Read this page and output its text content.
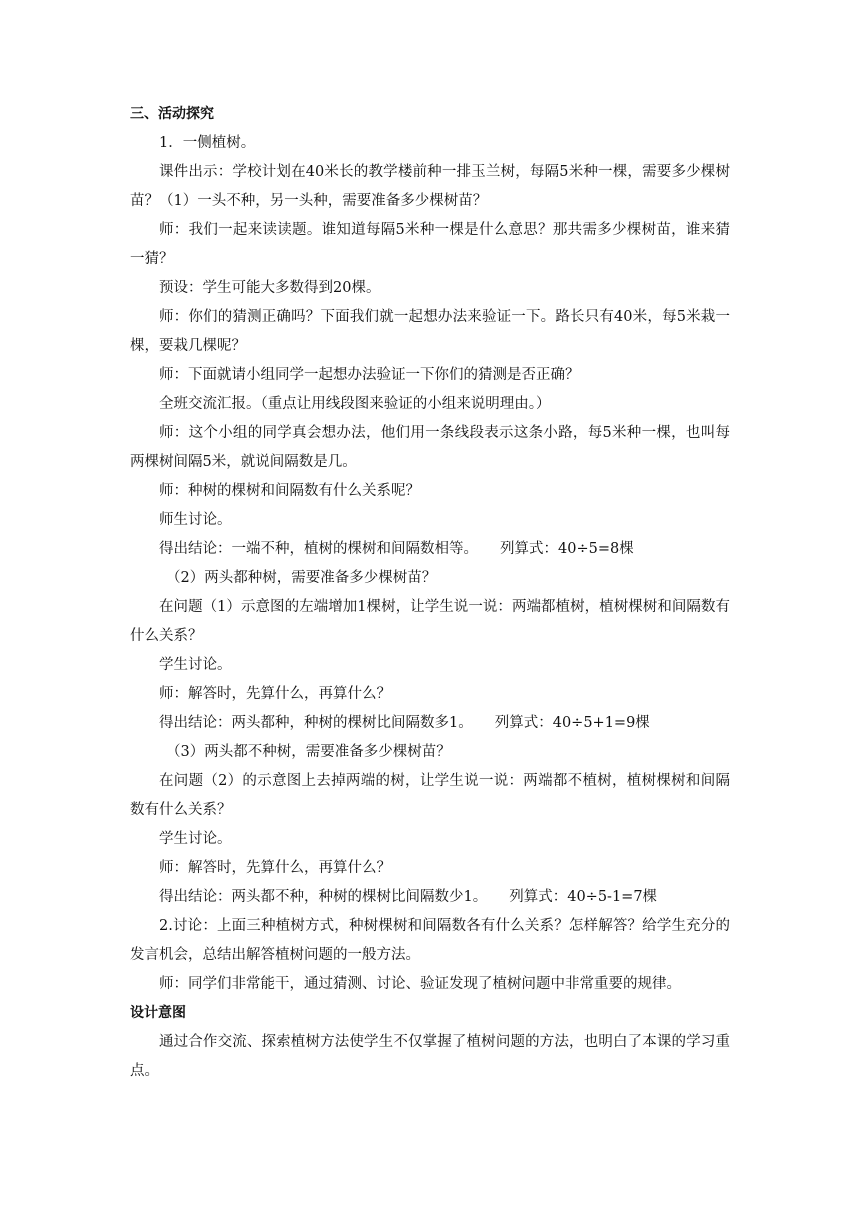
三、活动探究
1．一侧植树。

课件出示：学校计划在40米长的教学楼前种一排玉兰树，每隔5米种一棵，需要多少棵树苗？（1）一头不种，另一头种，需要准备多少棵树苗？

师：我们一起来读读题。谁知道每隔5米种一棵是什么意思？那共需多少棵树苗，谁来猜一猜？

预设：学生可能大多数得到20棵。

师：你们的猜测正确吗？下面我们就一起想办法来验证一下。路长只有40米，每5米栽一棵，要栽几棵呢？

师：下面就请小组同学一起想办法验证一下你们的猜测是否正确？
全班交流汇报。（重点让用线段图来验证的小组来说明理由。）

师：这个小组的同学真会想办法，他们用一条线段表示这条小路，每5米种一棵，也叫每两棵树间隔5米，就说间隔数是几。

师：种树的棵树和间隔数有什么关系呢？
师生讨论。
得出结论：一端不种，植树的棵树和间隔数相等。 列算式：40÷5=8棵
（2）两头都种树，需要准备多少棵树苗？

在问题（1）示意图的左端增加1棵树，让学生说一说：两端都植树，植树棵树和间隔数有什么关系？

学生讨论。
师：解答时，先算什么，再算什么？
得出结论：两头都种，种树的棵树比间隔数多1。 列算式：40÷5+1=9棵
（3）两头都不种树，需要准备多少棵树苗？

在问题（2）的示意图上去掉两端的树，让学生说一说：两端都不植树，植树棵树和间隔数有什么关系？

学生讨论。
师：解答时，先算什么，再算什么？
得出结论：两头都不种，种树的棵树比间隔数少1。 列算式：40÷5-1=7棵

2.讨论：上面三种植树方式，种树棵树和间隔数各有什么关系？怎样解答？给学生充分的发言机会，总结出解答植树问题的一般方法。

师：同学们非常能干，通过猜测、讨论、验证发现了植树问题中非常重要的规律。
设计意图

通过合作交流、探索植树方法使学生不仅掌握了植树问题的方法，也明白了本课的学习重点。
